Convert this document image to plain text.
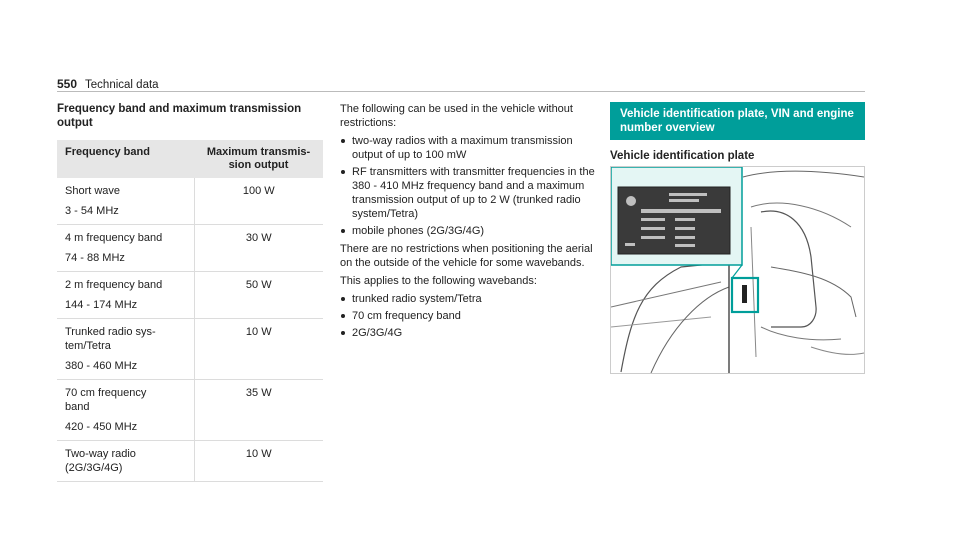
550 Technical data
Frequency band and maximum transmission output
Frequency band	Maximum transmis-sion output

Short wave
3 - 54 MHz	100 W

4 m frequency band
74 - 88 MHz	30 W

2 m frequency band
144 - 174 MHz	50 W

Trunked radio sys-
tem/Tetra
380 - 460 MHz	10 W

70 cm frequency
band
420 - 450 MHz	35 W

Two-way radio
(2G/3G/4G)	10 W

The following can be used in the vehicle without restrictions:

two-way radios with a maximum transmission output of up to 100 mW
RF transmitters with transmitter frequencies in the 380 - 410 MHz frequency band and a maximum transmission output of up to 2 W (trunked radio system/Tetra)
mobile phones (2G/3G/4G)

There are no restrictions when positioning the aerial on the outside of the vehicle for some wavebands.

This applies to the following wavebands:

trunked radio system/Tetra
70 cm frequency band
2G/3G/4G
Vehicle identification plate, VIN and engine number overview
Vehicle identification plate
